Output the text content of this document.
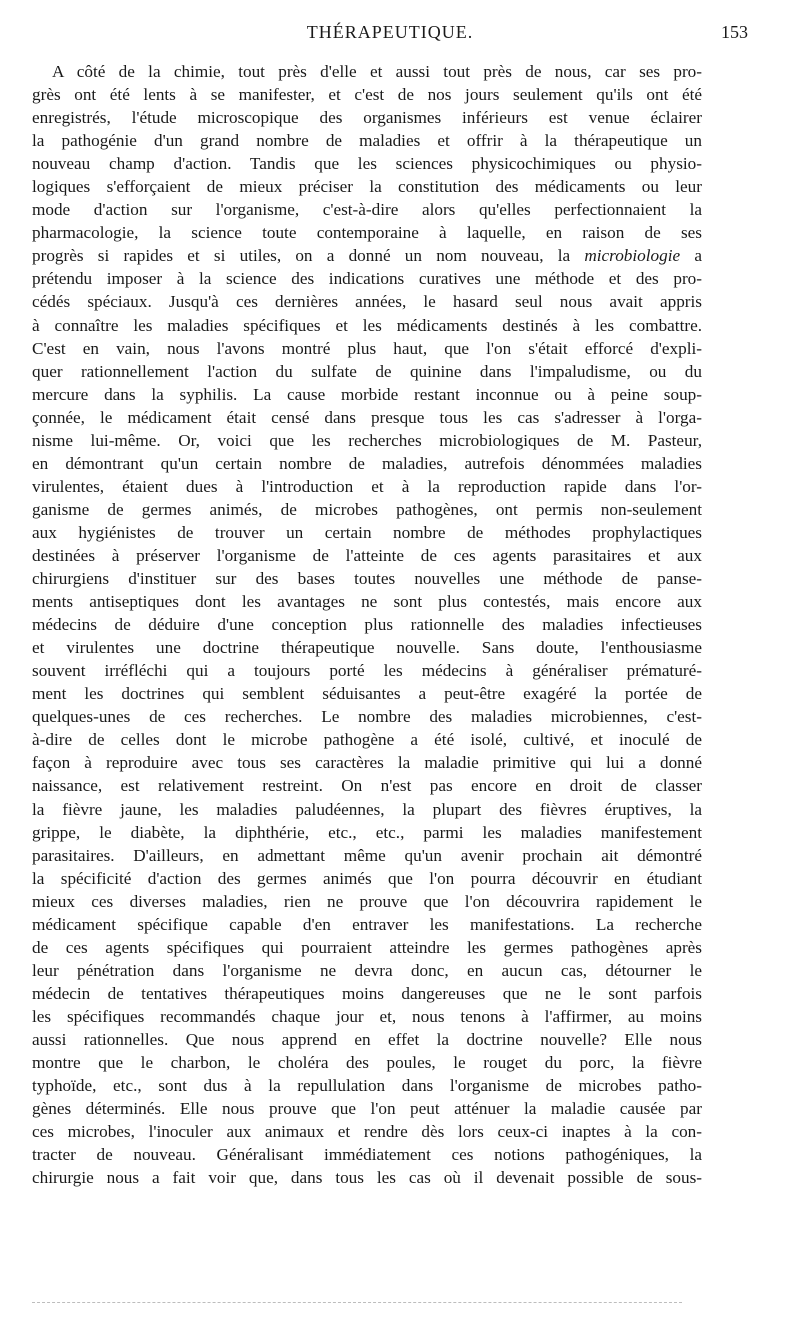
THÉRAPEUTIQUE.	153
A côté de la chimie, tout près d'elle et aussi tout près de nous, car ses pro-
grès ont été lents à se manifester, et c'est de nos jours seulement qu'ils ont été
enregistrés, l'étude microscopique des organismes inférieurs est venue éclairer
la pathogénie d'un grand nombre de maladies et offrir à la thérapeutique un
nouveau champ d'action. Tandis que les sciences physicochimiques ou physio-
logiques s'efforçaient de mieux préciser la constitution des médicaments ou leur
mode d'action sur l'organisme, c'est-à-dire alors qu'elles perfectionnaient la
pharmacologie, la science toute contemporaine à laquelle, en raison de ses
progrès si rapides et si utiles, on a donné un nom nouveau, la microbiologie a
prétendu imposer à la science des indications curatives une méthode et des pro-
cédés spéciaux. Jusqu'à ces dernières années, le hasard seul nous avait appris
à connaître les maladies spécifiques et les médicaments destinés à les combattre.
C'est en vain, nous l'avons montré plus haut, que l'on s'était efforcé d'expli-
quer rationnellement l'action du sulfate de quinine dans l'impaludisme, ou du
mercure dans la syphilis. La cause morbide restant inconnue ou à peine soup-
çonnée, le médicament était censé dans presque tous les cas s'adresser à l'orga-
nisme lui-même. Or, voici que les recherches microbiologiques de M. Pasteur,
en démontrant qu'un certain nombre de maladies, autrefois dénommées maladies
virulentes, étaient dues à l'introduction et à la reproduction rapide dans l'or-
ganisme de germes animés, de microbes pathogènes, ont permis non-seulement
aux hygiénistes de trouver un certain nombre de méthodes prophylactiques
destinées à préserver l'organisme de l'atteinte de ces agents parasitaires et aux
chirurgiens d'instituer sur des bases toutes nouvelles une méthode de panse-
ments antiseptiques dont les avantages ne sont plus contestés, mais encore aux
médecins de déduire d'une conception plus rationnelle des maladies infectieuses
et virulentes une doctrine thérapeutique nouvelle. Sans doute, l'enthousiasme
souvent irréfléchi qui a toujours porté les médecins à généraliser prématuré-
ment les doctrines qui semblent séduisantes a peut-être exagéré la portée de
quelques-unes de ces recherches. Le nombre des maladies microbiennes, c'est-
à-dire de celles dont le microbe pathogène a été isolé, cultivé, et inoculé de
façon à reproduire avec tous ses caractères la maladie primitive qui lui a donné
naissance, est relativement restreint. On n'est pas encore en droit de classer
la fièvre jaune, les maladies paludéennes, la plupart des fièvres éruptives, la
grippe, le diabète, la diphthérie, etc., etc., parmi les maladies manifestement
parasitaires. D'ailleurs, en admettant même qu'un avenir prochain ait démontré
la spécificité d'action des germes animés que l'on pourra découvrir en étudiant
mieux ces diverses maladies, rien ne prouve que l'on découvrira rapidement le
médicament spécifique capable d'en entraver les manifestations. La recherche
de ces agents spécifiques qui pourraient atteindre les germes pathogènes après
leur pénétration dans l'organisme ne devra donc, en aucun cas, détourner le
médecin de tentatives thérapeutiques moins dangereuses que ne le sont parfois
les spécifiques recommandés chaque jour et, nous tenons à l'affirmer, au moins
aussi rationnelles. Que nous apprend en effet la doctrine nouvelle? Elle nous
montre que le charbon, le choléra des poules, le rouget du porc, la fièvre
typhoïde, etc., sont dus à la repullulation dans l'organisme de microbes patho-
gènes déterminés. Elle nous prouve que l'on peut atténuer la maladie causée par
ces microbes, l'inoculer aux animaux et rendre dès lors ceux-ci inaptes à la con-
tracter de nouveau. Généralisant immédiatement ces notions pathogéniques, la
chirurgie nous a fait voir que, dans tous les cas où il devenait possible de sous-
